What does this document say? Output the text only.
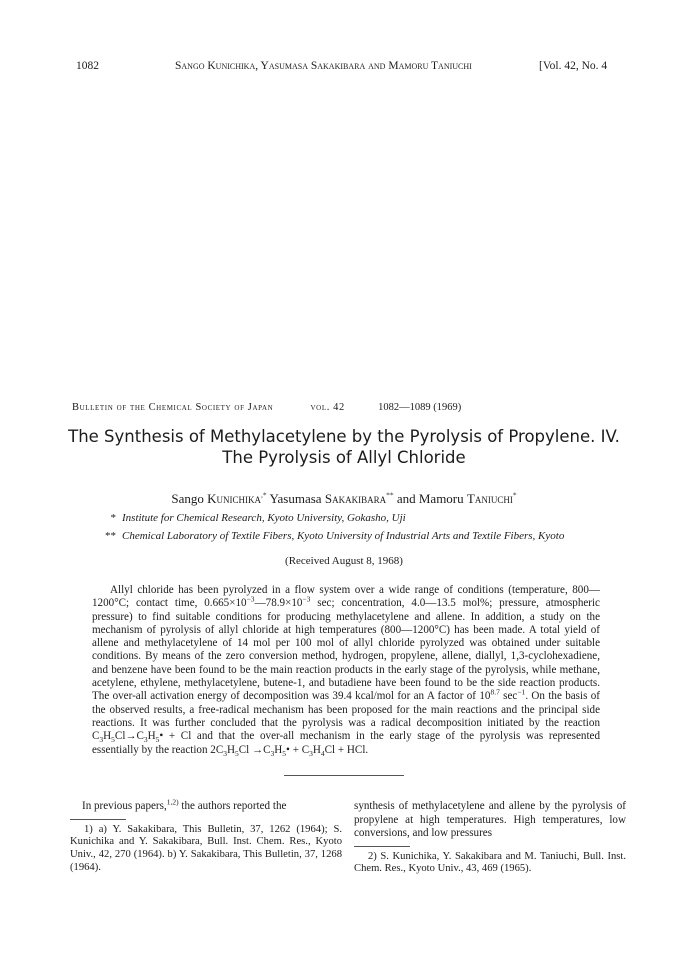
1082	Sango Kunichika, Yasumasa Sakakibara and Mamoru Taniuchi	[Vol. 42, No. 4
Bulletin of the Chemical Society of Japan	vol. 42	1082—1089 (1969)
The Synthesis of Methylacetylene by the Pyrolysis of Propylene. IV.
The Pyrolysis of Allyl Chloride
Sango Kunichika,* Yasumasa Sakakibara** and Mamoru Taniuchi*
* Institute for Chemical Research, Kyoto University, Gokasho, Uji
** Chemical Laboratory of Textile Fibers, Kyoto University of Industrial Arts and Textile Fibers, Kyoto
(Received August 8, 1968)

Allyl chloride has been pyrolyzed in a flow system over a wide range of conditions (temperature, 800—1200°C; contact time, $0.665\times 10^{-3}—78.9\times 10^{-3}$ sec; concentration, 4.0—13.5 mol%; pressure, atmospheric pressure) to find suitable conditions for producing methylacetylene and allene. In addition, a study on the mechanism of pyrolysis of allyl chloride at high temperatures (800—1200°C) has been made. A total yield of allene and methylacetylene of 14 mol per 100 mol of allyl chloride pyrolyzed was obtained under suitable conditions. By means of the zero conversion method, hydrogen, propylene, allene, diallyl, 1,3-cyclohexadiene, and benzene have been found to be the main reaction products in the early stage of the pyrolysis, while methane, acetylene, ethylene, methylacetylene, butene-1, and butadiene have been found to be the side reaction products. The over-all activation energy of decomposition was 39.4 kcal/mol for an A factor of $10^{8.7}$ $\sec^{-1}$. On the basis of the observed results, a free-radical mechanism has been proposed for the main reactions and the principal side reactions. It was further concluded that the pyrolysis was a radical decomposition initiated by the reaction $C_3H_5Cl\to C_3H_5• + Cl$ and that the over-all mechanism in the early stage of the pyrolysis was represented essentially by the reaction $2C_3H_5Cl$ $\to C_3H_5• + C_3H_4Cl$ + HCl.

In previous papers,$^{1,2)}$ the authors reported the

1) a) Y. Sakakibara, This Bulletin, 37, 1262 (1964); S. Kunichika and Y. Sakakibara, Bull. Inst. Chem. Res., Kyoto Univ., 42, 270 (1964). b) Y. Sakakibara, This Bulletin, 37, 1268 (1964).

synthesis of methylacetylene and allene by the pyrolysis of propylene at high temperatures. High temperatures, low conversions, and low pressures

2) S. Kunichika, Y. Sakakibara and M. Taniuchi, Bull. Inst. Chem. Res., Kyoto Univ., 43, 469 (1965).
